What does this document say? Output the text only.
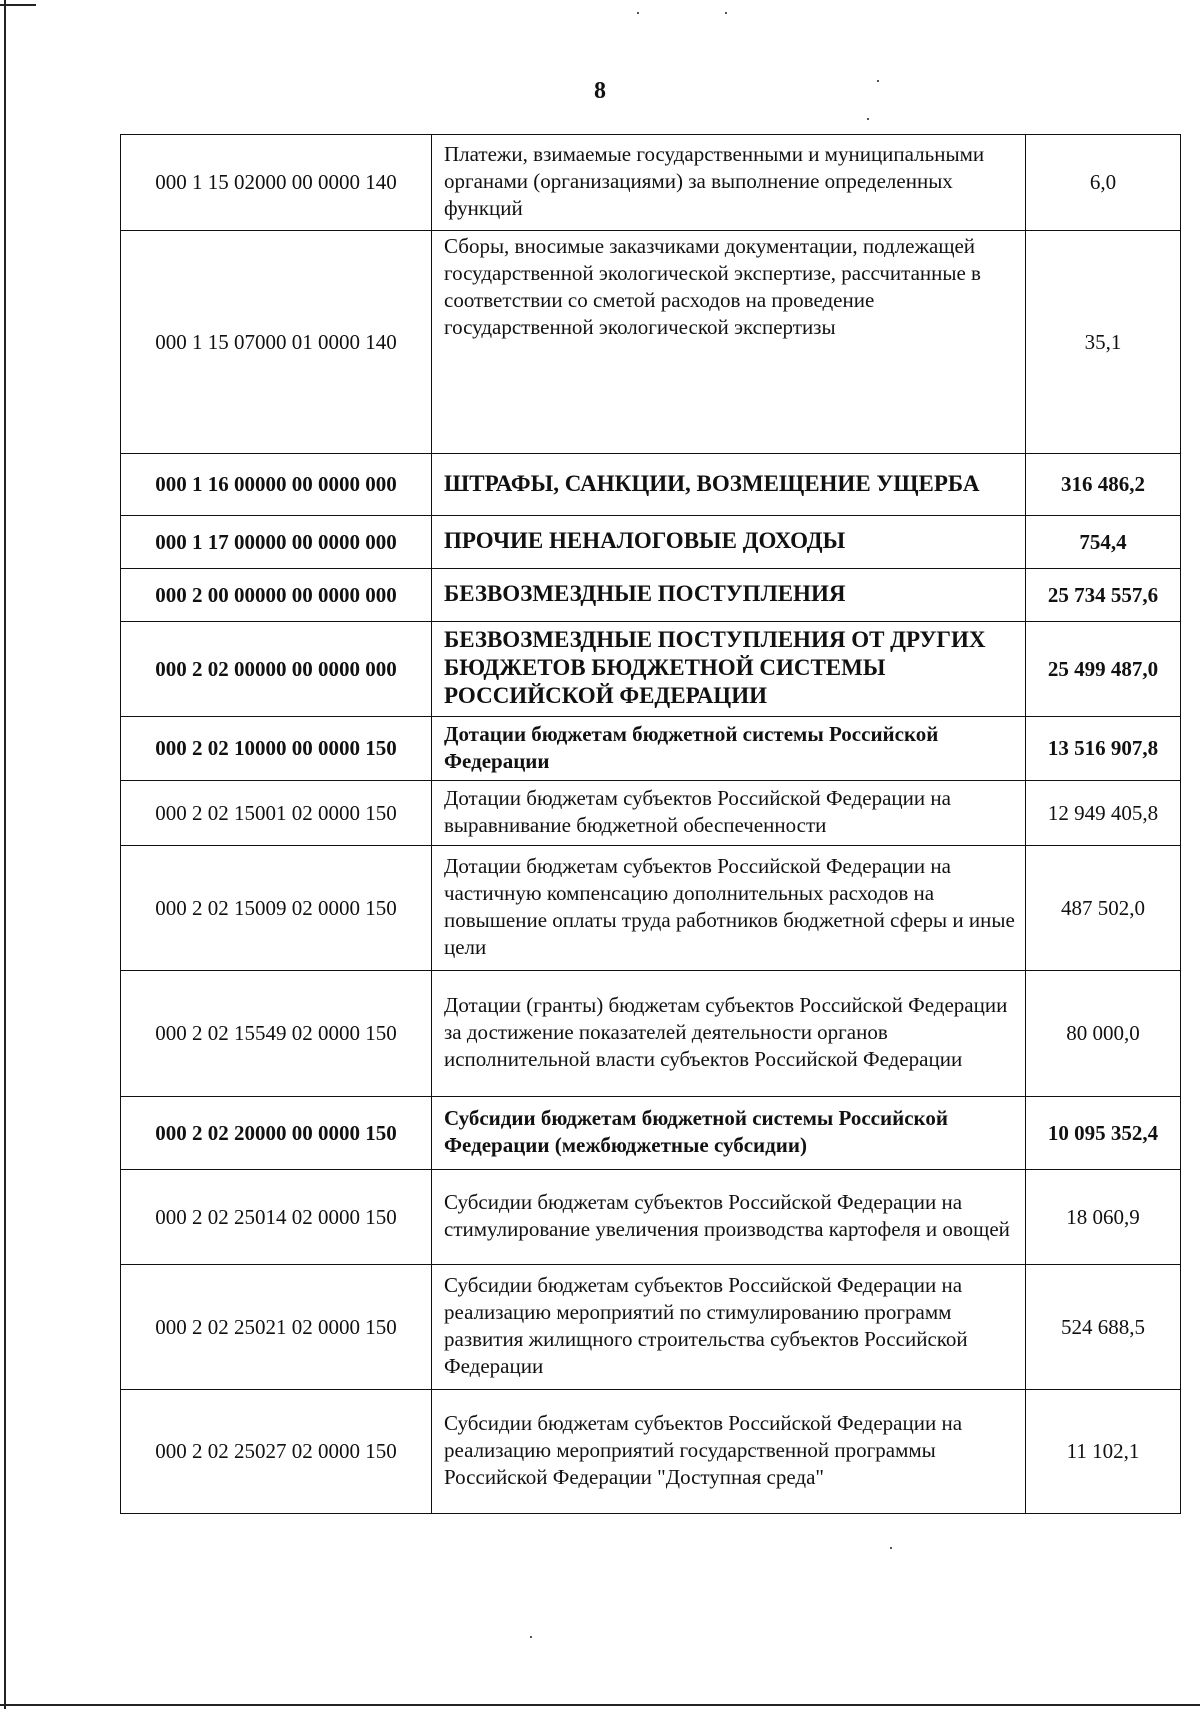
8
000 1 15 02000 00 0000 140	Платежи, взимаемые государственными и муниципальными органами (организациями) за выполнение определенных функций	6,0
000 1 15 07000 01 0000 140	Сборы, вносимые заказчиками документации, подлежащей государственной экологической экспертизе, рассчитанные в соответствии со сметой расходов на проведение государственной экологической экспертизы	35,1
000 1 16 00000 00 0000 000	ШТРАФЫ, САНКЦИИ, ВОЗМЕЩЕНИЕ УЩЕРБА	316 486,2
000 1 17 00000 00 0000 000	ПРОЧИЕ НЕНАЛОГОВЫЕ ДОХОДЫ	754,4
000 2 00 00000 00 0000 000	БЕЗВОЗМЕЗДНЫЕ ПОСТУПЛЕНИЯ	25 734 557,6
000 2 02 00000 00 0000 000	БЕЗВОЗМЕЗДНЫЕ ПОСТУПЛЕНИЯ ОТ ДРУГИХ БЮДЖЕТОВ БЮДЖЕТНОЙ СИСТЕМЫ РОССИЙСКОЙ ФЕДЕРАЦИИ	25 499 487,0
000 2 02 10000 00 0000 150	Дотации бюджетам бюджетной системы Российской Федерации	13 516 907,8
000 2 02 15001 02 0000 150	Дотации бюджетам субъектов Российской Федерации на выравнивание бюджетной обеспеченности	12 949 405,8
000 2 02 15009 02 0000 150	Дотации бюджетам субъектов Российской Федерации на частичную компенсацию дополнительных расходов на повышение оплаты труда работников бюджетной сферы и иные цели	487 502,0
000 2 02 15549 02 0000 150	Дотации (гранты) бюджетам субъектов Российской Федерации за достижение показателей деятельности органов исполнительной власти субъектов Российской Федерации	80 000,0
000 2 02 20000 00 0000 150	Субсидии бюджетам бюджетной системы Российской Федерации (межбюджетные субсидии)	10 095 352,4
000 2 02 25014 02 0000 150	Субсидии бюджетам субъектов Российской Федерации на стимулирование увеличения производства картофеля и овощей	18 060,9
000 2 02 25021 02 0000 150	Субсидии бюджетам субъектов Российской Федерации на реализацию мероприятий по стимулированию программ развития жилищного строительства субъектов Российской Федерации	524 688,5
000 2 02 25027 02 0000 150	Субсидии бюджетам субъектов Российской Федерации на реализацию мероприятий государственной программы Российской Федерации "Доступная среда"	11 102,1
